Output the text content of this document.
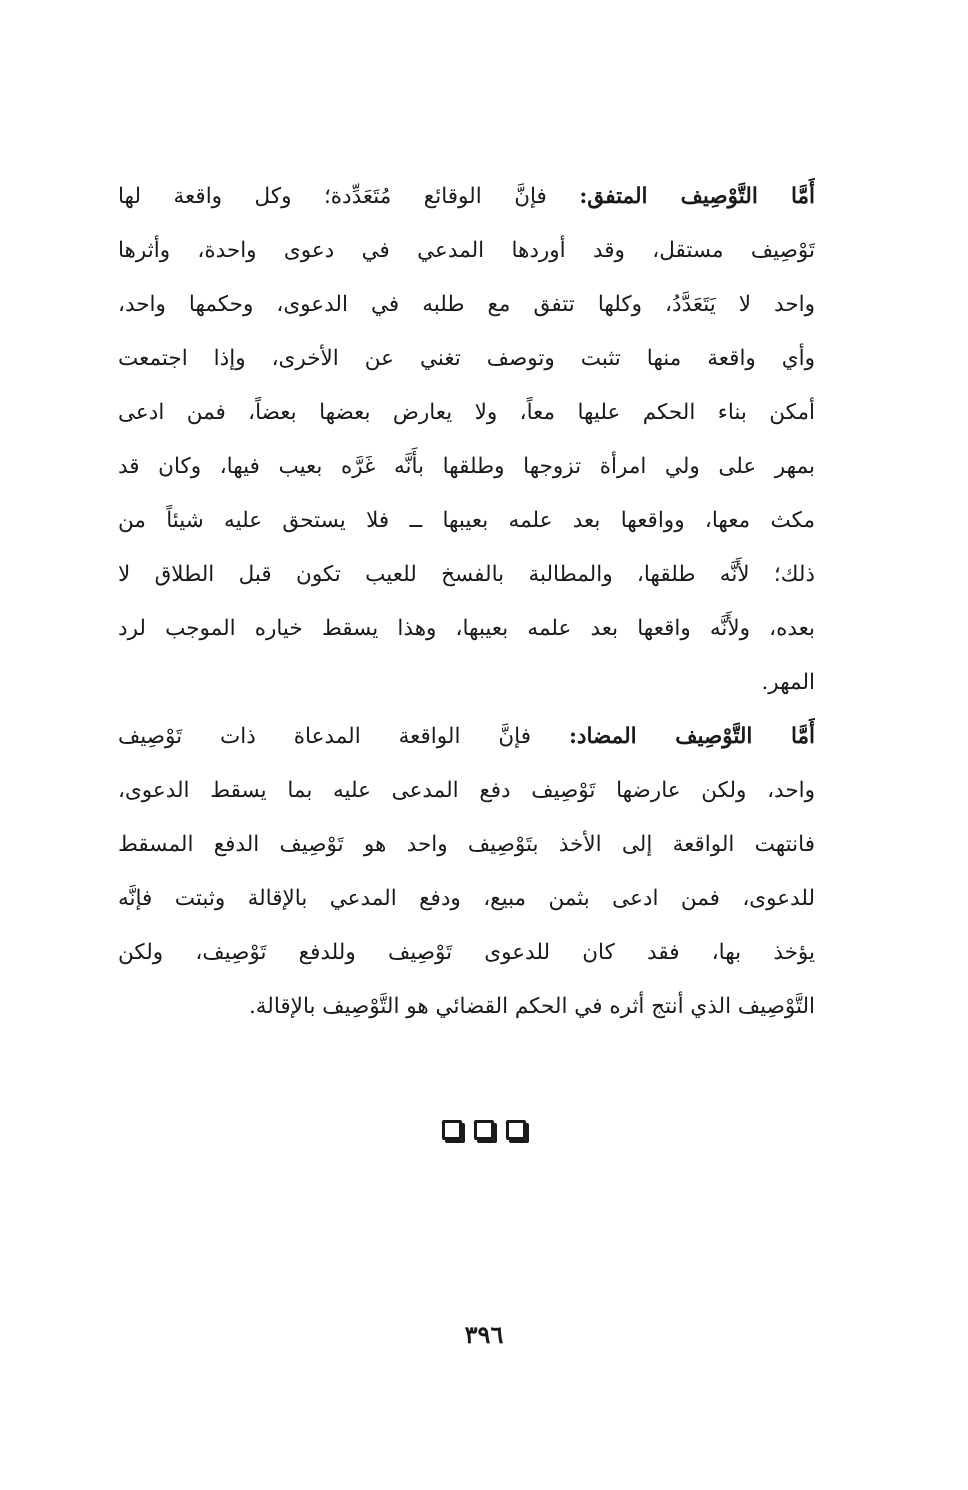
أَمَّا التَّوْصِيف المتفق: فإنَّ الوقائع مُتَعَدِّدة؛ وكل واقعة لها
تَوْصِيف مستقل، وقد أوردها المدعي في دعوى واحدة، وأثرها
واحد لا يَتَعَدَّدُ، وكلها تتفق مع طلبه في الدعوى، وحكمها واحد،
وأي واقعة منها تثبت وتوصف تغني عن الأخرى، وإذا اجتمعت
أمكن بناء الحكم عليها معاً، ولا يعارض بعضها بعضاً، فمن ادعى
بمهر على ولي امرأة تزوجها وطلقها بأَنَّه غَرَّه بعيب فيها، وكان قد
مكث معها، وواقعها بعد علمه بعيبها ــ فلا يستحق عليه شيئاً من
ذلك؛ لأَنَّه طلقها، والمطالبة بالفسخ للعيب تكون قبل الطلاق لا
بعده، ولأَنَّه واقعها بعد علمه بعيبها، وهذا يسقط خياره الموجب لرد
المهر.
أَمَّا التَّوْصِيف المضاد: فإنَّ الواقعة المدعاة ذات تَوْصِيف
واحد، ولكن عارضها تَوْصِيف دفع المدعى عليه بما يسقط الدعوى،
فانتهت الواقعة إلى الأخذ بتَوْصِيف واحد هو تَوْصِيف الدفع المسقط
للدعوى، فمن ادعى بثمن مبيع، ودفع المدعي بالإقالة وثبتت فإنَّه
يؤخذ بها، فقد كان للدعوى تَوْصِيف وللدفع تَوْصِيف، ولكن
التَّوْصِيف الذي أنتج أثره في الحكم القضائي هو التَّوْصِيف بالإقالة.
٣٩٦
